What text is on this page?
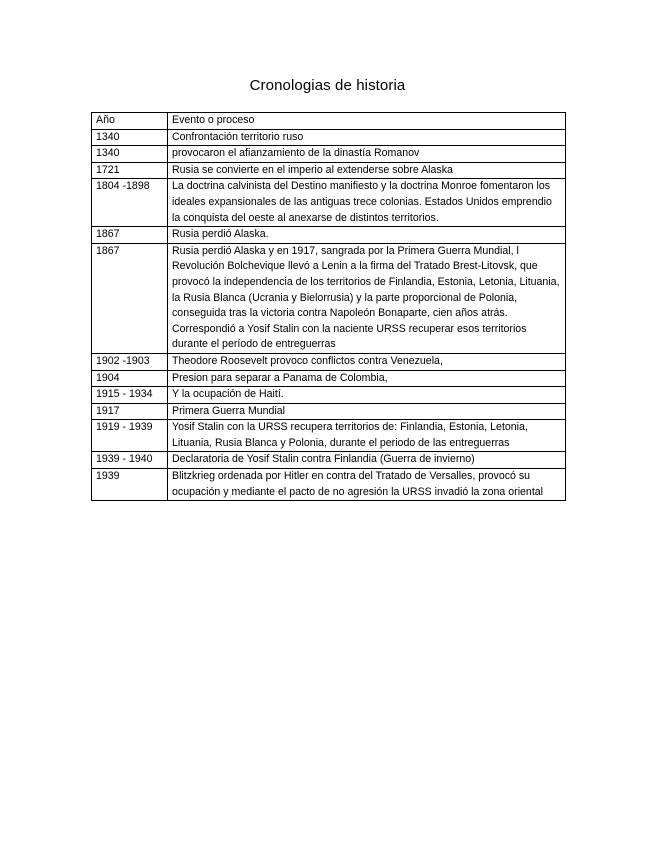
Cronologias de historia
Año	Evento o proceso
1340	Confrontación territorio ruso
1340	provocaron el afianzamiento de la dinastía Romanov
1721	Rusia se convierte en el imperio al extenderse sobre Alaska
1804 -1898	La doctrina calvinista del Destino manifiesto y la doctrina Monroe fomentaron los ideales expansionales de las antiguas trece colonias. Estados Unidos emprendio la conquista del oeste al anexarse de distintos territorios.
1867	Rusia perdió Alaska.
1867	Rusia perdió Alaska y en 1917, sangrada por la Primera Guerra Mundial, l Revolución Bolchevique llevó a Lenin a la firma del Tratado Brest-Litovsk, que provocó la independencia de los territorios de Finlandia, Estonia, Letonia, Lituania, la Rusia Blanca (Ucrania y Bielorrusia) y la parte proporcional de Polonia, conseguida tras la victoria contra Napoleón Bonaparte, cien años atrás. Correspondió a Yosif Stalin con la naciente URSS recuperar esos territorios durante el período de entreguerras
1902 -1903	Theodore Roosevelt provoco conflictos contra Venezuela,
1904	Presion para separar a Panama de Colombia,
1915 - 1934	Y la ocupación de Haití.
1917	Primera Guerra Mundial
1919 - 1939	Yosif Stalin con la URSS recupera territorios de: Finlandia, Estonia, Letonia, Lituania, Rusia Blanca y Polonia, durante el periodo de las entreguerras
1939 - 1940	Declaratoria de Yosif Stalin contra Finlandia (Guerra de invierno)
1939	Blitzkrieg ordenada por Hitler en contra del Tratado de Versalles, provocó su ocupación y mediante el pacto de no agresión la URSS invadió la zona oriental
